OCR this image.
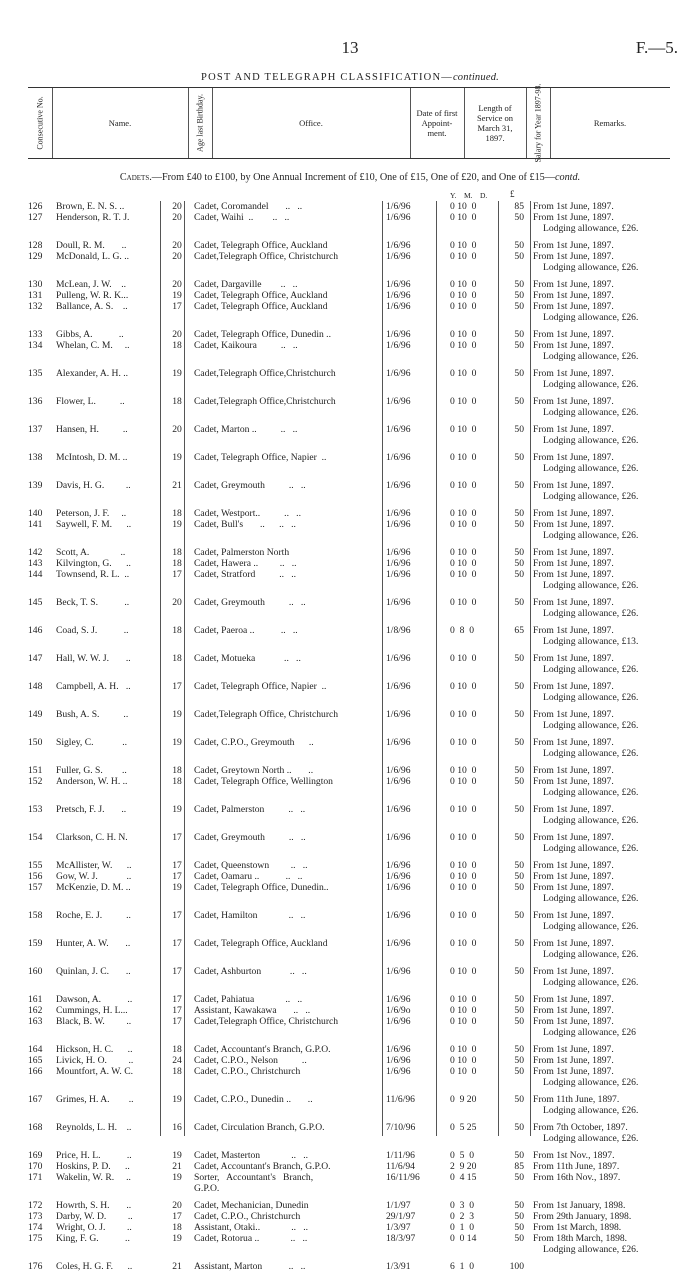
13	F.—5.
POST AND TELEGRAPH CLASSIFICATION—continued.
Consecutive No.	Name.	Age last Birthday.	Office.
Date of first Appoint- ment.
Length of Service on March 31, 1897.	Salary for Year 1897-98.	Remarks.
Cadets.—From £40 to £100, by One Annual Increment of £10, One of £15, One of £20, and One of £15—contd.
Y. M. D.	£
126	Brown, E. N. S. ..	20 Cadet, Coromandel       ..   ..	1/6/96	0 10  0	85 From 1st June, 1897.
127	Henderson, R. T. J.	20 Cadet, Waihi  ..        ..   ..	1/6/96	0 10  0	50 From 1st June, 1897.
Lodging allowance, £26.
128	Doull, R. M.       ..	20 Cadet, Telegraph Office, Auckland	1/6/96	0 10  0	50 From 1st June, 1897.
129	McDonald, L. G. ..	20 Cadet,Telegraph Office, Christchurch	1/6/96	0 10  0	50 From 1st June, 1897.
Lodging allowance, £26.
130	McLean, J. W.    ..	20 Cadet, Dargaville        ..   ..	1/6/96	0 10  0	50 From 1st June, 1897.
131	Pulleng, W. R. K...	19 Cadet, Telegraph Office, Auckland	1/6/96	0 10  0	50 From 1st June, 1897.
132	Ballance, A. S.    ..	17 Cadet, Telegraph Office, Auckland	1/6/96	0 10  0	50 From 1st June, 1897.
Lodging allowance, £26.
133	Gibbs, A.           ..	20 Cadet, Telegraph Office, Dunedin ..	1/6/96	0 10  0	50 From 1st June, 1897.
134	Whelan, C. M.     ..	18 Cadet, Kaikoura          ..   ..	1/6/96	0 10  0	50 From 1st June, 1897.
Lodging allowance, £26.
135	Alexander, A. H. ..	19 Cadet,Telegraph Office,Christchurch	1/6/96	0 10  0	50 From 1st June, 1897.
Lodging allowance, £26.
136	Flower, L.          ..	18 Cadet,Telegraph Office,Christchurch	1/6/96	0 10  0	50 From 1st June, 1897.
Lodging allowance, £26.
137	Hansen, H.          ..	20 Cadet, Marton ..          ..   ..	1/6/96	0 10  0	50 From 1st June, 1897.
Lodging allowance, £26.
138	McIntosh, D. M. ..	19 Cadet, Telegraph Office, Napier  ..	1/6/96	0 10  0	50 From 1st June, 1897.
Lodging allowance, £26.
139	Davis, H. G.         ..	21 Cadet, Greymouth          ..   ..	1/6/96	0 10  0	50 From 1st June, 1897.
Lodging allowance, £26.
140	Peterson, J. F.     ..	18 Cadet, Westport..          ..   ..	1/6/96	0 10  0	50 From 1st June, 1897.
141	Saywell, F. M.      ..	19 Cadet, Bull's       ..      ..   ..	1/6/96	0 10  0	50 From 1st June, 1897.
Lodging allowance, £26.
142	Scott, A.             ..	18 Cadet, Palmerston North	1/6/96	0 10  0	50 From 1st June, 1897.
143	Kilvington, G.      ..	18 Cadet, Hawera ..         ..   ..	1/6/96	0 10  0	50 From 1st June, 1897.
144	Townsend, R. L.  ..	17 Cadet, Stratford          ..   ..	1/6/96	0 10  0	50 From 1st June, 1897.
Lodging allowance, £26.
145	Beck, T. S.           ..	20 Cadet, Greymouth          ..   ..	1/6/96	0 10  0	50 From 1st June, 1897.
Lodging allowance, £26.
146	Coad, S. J.           ..	18 Cadet, Paeroa ..           ..   ..	1/8/96	0  8  0	65 From 1st June, 1897.
Lodging allowance, £13.
147	Hall, W. W. J.       ..	18 Cadet, Motueka            ..   ..	1/6/96	0 10  0	50 From 1st June, 1897.
Lodging allowance, £26.
148	Campbell, A. H.   ..	17 Cadet, Telegraph Office, Napier  ..	1/6/96	0 10  0	50 From 1st June, 1897.
Lodging allowance, £26.
149	Bush, A. S.          ..	19 Cadet,Telegraph Office, Christchurch	1/6/96	0 10  0	50 From 1st June, 1897.
Lodging allowance, £26.
150	Sigley, C.            ..	19 Cadet, C.P.O., Greymouth      ..	1/6/96	0 10  0	50 From 1st June, 1897.
Lodging allowance, £26.
151	Fuller, G. S.        ..	18 Cadet, Greytown North ..       ..	1/6/96	0 10  0	50 From 1st June, 1897.
152	Anderson, W. H. ..	18 Cadet, Telegraph Office, Wellington	1/6/96	0 10  0	50 From 1st June, 1897.
Lodging allowance, £26.
153	Pretsch, F. J.       ..	19 Cadet, Palmerston          ..   ..	1/6/96	0 10  0	50 From 1st June, 1897.
Lodging allowance, £26.
154	Clarkson, C. H. N.	17 Cadet, Greymouth          ..   ..	1/6/96	0 10  0	50 From 1st June, 1897.
Lodging allowance, £26.
155	McAllister, W.      ..	17 Cadet, Queenstown         ..   ..	1/6/96	0 10  0	50 From 1st June, 1897.
156	Gow, W. J.            ..	17 Cadet, Oamaru ..           ..   ..	1/6/96	0 10  0	50 From 1st June, 1897.
157	McKenzie, D. M. ..	19 Cadet, Telegraph Office, Dunedin..	1/6/96	0 10  0	50 From 1st June, 1897.
Lodging allowance, £26.
158	Roche, E. J.          ..	17 Cadet, Hamilton             ..   ..	1/6/96	0 10  0	50 From 1st June, 1897.
Lodging allowance, £26.
159	Hunter, A. W.       ..	17 Cadet, Telegraph Office, Auckland	1/6/96	0 10  0	50 From 1st June, 1897.
Lodging allowance, £26.
160	Quinlan, J. C.       ..	17 Cadet, Ashburton            ..   ..	1/6/96	0 10  0	50 From 1st June, 1897.
Lodging allowance, £26.
161	Dawson, A.           ..	17 Cadet, Pahiatua             ..   ..	1/6/96	0 10  0	50 From 1st June, 1897.
162	Cummings, H. L...	17 Assistant, Kawakawa       ..   ..	1/6/9o	0 10  0	50 From 1st June, 1897.
163	Black, B. W.         ..	17 Cadet,Telegraph Office, Christchurch	1/6/96	0 10  0	50 From 1st June, 1897.
Lodging allowance, £26
164	Hickson, H. C.      ..	18 Cadet, Accountant's Branch, G.P.O.	1/6/96	0 10  0	50 From 1st June, 1897.
165	Livick, H. O.         ..	24 Cadet, C.P.O., Nelson          ..	1/6/96	0 10  0	50 From 1st June, 1897.
166	Mountfort, A. W. C.	18 Cadet, C.P.O., Christchurch	1/6/96	0 10  0	50 From 1st June, 1897.
Lodging allowance, £26.
167	Grimes, H. A.        ..	19 Cadet, C.P.O., Dunedin ..       ..	11/6/96	0  9 20	50 From 11th June, 1897.
Lodging allowance, £26.
168	Reynolds, L. H.    ..	16 Cadet, Circulation Branch, G.P.O.	7/10/96	0  5 25	50 From 7th October, 1897.
Lodging allowance, £26.
169	Price, H. L.           ..	19 Cadet, Masterton             ..   ..	1/11/96	0  5  0	50 From 1st Nov., 1897.
170	Hoskins, P. D.      ..	21 Cadet, Accountant's Branch, G.P.O.	11/6/94	2  9 20	85 From 11th June, 1897.
171	Wakelin, W. R.     ..	19 Sorter,   Accountant's   Branch,	16/11/96	0  4 15	50 From 16th Nov., 1897.
G.P.O.
172	Howrth, S. H.       ..	20 Cadet, Mechanician, Dunedin	1/1/97	0  3  0	50 From 1st January, 1898.
173	Darby, W. D.         ..	17 Cadet, C.P.O., Christchurch	29/1/97	0  2  3	50 From 29th January, 1898.
174	Wright, O. J.         ..	18 Assistant, Otaki..             ..   ..	1/3/97	0  1  0	50 From 1st March, 1898.
175	King, F. G.           ..	19 Cadet, Rotorua ..             ..   ..	18/3/97	0  0 14	50 From 18th March, 1898.
Lodging allowance, £26.
176	Coles, H. G. F.      ..	21 Assistant, Marton           ..   ..	1/3/91	6  1  0	100
